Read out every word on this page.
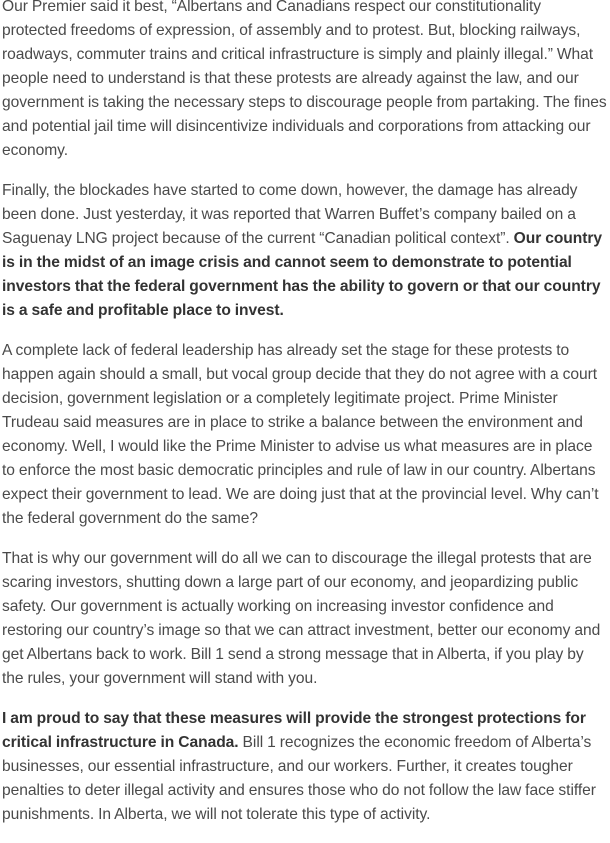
Our Premier said it best, “Albertans and Canadians respect our constitutionality protected freedoms of expression, of assembly and to protest. But, blocking railways, roadways, commuter trains and critical infrastructure is simply and plainly illegal.” What people need to understand is that these protests are already against the law, and our government is taking the necessary steps to discourage people from partaking. The fines and potential jail time will disincentivize individuals and corporations from attacking our economy.

Finally, the blockades have started to come down, however, the damage has already been done. Just yesterday, it was reported that Warren Buffet’s company bailed on a Saguenay LNG project because of the current “Canadian political context”. Our country is in the midst of an image crisis and cannot seem to demonstrate to potential investors that the federal government has the ability to govern or that our country is a safe and profitable place to invest.

A complete lack of federal leadership has already set the stage for these protests to happen again should a small, but vocal group decide that they do not agree with a court decision, government legislation or a completely legitimate project. Prime Minister Trudeau said measures are in place to strike a balance between the environment and economy. Well, I would like the Prime Minister to advise us what measures are in place to enforce the most basic democratic principles and rule of law in our country. Albertans expect their government to lead. We are doing just that at the provincial level. Why can’t the federal government do the same?

That is why our government will do all we can to discourage the illegal protests that are scaring investors, shutting down a large part of our economy, and jeopardizing public safety. Our government is actually working on increasing investor confidence and restoring our country’s image so that we can attract investment, better our economy and get Albertans back to work. Bill 1 send a strong message that in Alberta, if you play by the rules, your government will stand with you.

I am proud to say that these measures will provide the strongest protections for critical infrastructure in Canada. Bill 1 recognizes the economic freedom of Alberta’s businesses, our essential infrastructure, and our workers. Further, it creates tougher penalties to deter illegal activity and ensures those who do not follow the law face stiffer punishments. In Alberta, we will not tolerate this type of activity.
